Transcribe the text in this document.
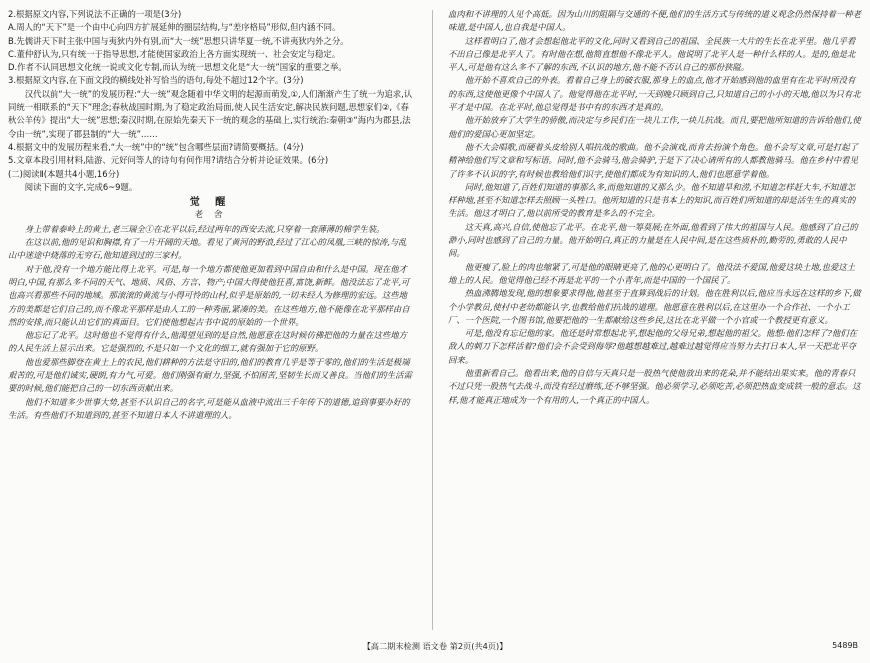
2.根据原文内容,下列说法不正确的一项是(3分)

A.周人的“天下”是一个由中心向四方扩展延伸的圈层结构,与“差序格局”形似,但内涵不同。

B.先儒讲天下时主张中国与夷狄内外有别,而“大一统”思想只讲华夏一统,不讲夷狄内外之分。

C.董仲舒认为,只有统一于指导思想,才能使国家政治上各方面实现统一、社会安定与稳定。

D.作者不认同思想文化统一说或文化专制,而认为统一思想文化是“大一统”国家的重要之举。

3.根据原文内容,在下面文段的横线处补写恰当的语句,每处不超过12个字。(3分)

汉代以前“大一统”的发展历程:“大一统”观念随着中华文明的起源而萌发,①,人们渐渐产生了统一为追求,认同统一相联系的“天下”理念;春秋战国时期,为了稳定政治局面,使人民生活安定,解决民族问题,思想家们②,《春秋公羊传》提出“大一统”思想;秦汉时期,在原始先秦天下一统的观念的基础上,实行统治:秦朝③“海内为郡县,法令由一统”,实现了郡县制的“大一统”……

4.根据文中的发展历程来看,“大一统”中的“统”包含哪些层面?请简要概括。(4分)

5.文章本段引用材料,陆游、元好问等人的诗句有何作用?请结合分析并论证效果。(6分)

(二)阅读Ⅱ(本题共4小题,16分)

阅读下面的文字,完成6~9题。

觉 醒

老 舍

身上带着泰岭上的黄土,老三瑞全①在北平以后,经过两年的西安去流,只穿着一套薄薄的棉学生装。

在这以前,他的见识和胸襟,有了一片开阔的天地。看见了黄河的野浪,经过了江心的凤凰,三峡的惊涛,与乱山中迷途中烧落的无穷石,他知道到过的三家村。

对于他,没有一个地方能比得上北平。可是,每一个地方都使他更加看到中国自由和什么是中国。现在他才明白,中国,有那么多不同的天气、地质、风俗、方言、物产;中国大得使他狂喜,富饶,新鲜。他没法忘了北平,可也高兴看那些不同的地域。那滚滚的黄流与小得可怜的山村,似乎是原始的,一切未经人为修理的宏远。这些地方的美都是它们自己的,而不像北平那样是由人工的一种秀丽,紧凑的美。在这些地方,他不能像在北平那样由自然的安排,而只能认出它们的真面目。它们使他想起古书中说的原始的一个世界。

他忘记了北平。这时他也不觉得有什么,他渴望见到的是自然,他愿意在这时候仿佛把他的力量在这些地方的人民生活上显示出来。它是强烈的,不是只如一个文化的细工,就有强加于它的原野。

他也爱那些脚登在黄土上的农民,他们耕种的方法是守旧的,他们的教育几乎是等于零的,他们的生活是极端艰苦的,可是他们诚实,硬朗,有力气,可爱。他们刚强有耐力,坚强,不怕困苦,坚韧生长而又善良。当他们的生活需要的时候,他们能把自己的一切东西贡献出来。

他们不知道多少世事大势,甚至不认识自己的名字,可是能从血液中流出三千年传下的道德,追到事要办好的生活。有些他们不知道到的,甚至不知道日本人不讲道理的人。

血肉和不讲理的人见个高低。因为山川的阻隔与交通的不便,他们的生活方式与传统的道义观念仍然保持着一种老味道,是中国人,也自我是中国人。

这样看明白了,他才会想起他北平的文化,同时又看到自己的祖国、全民族一大片的生长在北平里。他几乎看不出自己像是北平人了。有时他在想,他简直想他不像北平人。他说明了北平人是一种什么样的人。是的,他是北平人,可是他有这么多不了解的东西,不认识的地方,他不能不否认自己的那份狭隘。

他开始不喜欢自己的外表。看着自己身上的破衣服,那身上的血点,他才开始感到他的血里有在北平时所没有的东西,这使他更像个中国人了。他觉得他在北平时,一天到晚只顾到自己,只知道自己的小小的天地,他以为只有北平才是中国。在北平时,他总觉得是书中有的东西才是真的。

他开始放弃了大学生的骄傲,而决定与乡民们在一块儿工作,一块儿抗战。而且,要把他所知道的告诉给他们,使他们的爱国心更加坚定。

他不大会唱歌,而硬着头皮给别人唱抗战的歌曲。他不会演戏,而肯去扮演个角色。他不会写文章,可是打起了精神给他们写文章和写标语。同时,他不会骑马,他会骑驴,于是下了决心请所有的人都教他骑马。他在乡村中看见了许多不认识的字,有时候也教给他们识字,使他们都成为有知识的人,他们也愿意学着他。

同时,他知道了,百姓们知道的事那么多,而他知道的又那么少。他不知道旱和涝,不知道怎样赶大车,不知道怎样种地,甚至不知道怎样去照顾一头牲口。他所知道的只是书本上的知识,而百姓们所知道的却是活生生的真实的生活。他这才明白了,他以前所受的教育是多么的不完全。

这天真,高兴,自信,使他忘了北平。在北平,他一筹莫展;在外面,他看到了伟大的祖国与人民。他感到了自己的渺小,同时也感到了自己的力量。他开始明白,真正的力量是在人民中间,是在这些质朴的,勤劳的,勇敢的人民中间。

他更瘦了,脸上的肉也缩紧了,可是他的眼睛更亮了,他的心更明白了。他没法不爱国,他爱这块土地,也爱这土地上的人民。他觉得他已经不再是北平的一个小青年,而是中国的一个国民了。

热血沸腾地发现,他的想象要求得他,他甚至于直算到战后的计划。他在胜利以后,他应当永远在这样的乡下,做个小学教员,使村中老幼都能认字,也教给他们抗战的道理。他愿意在胜利以后,在这里办一个合作社、一个小工厂、一个医院,一个图书馆,他要把他的一生都献给这些乡民,这比在北平做一个小官或一个教授更有意义。

可是,他没有忘记他的家。他还是时常想起北平,想起他的父母兄弟,想起他的祖父。他想:他们怎样了?他们在敌人的刺刀下怎样活着?他们会不会受到侮辱?他越想越难过,越难过越觉得应当努力去打日本人,早一天把北平夺回来。

他重新看自己。他看出来,他的自信与天真只是一股热气使他放出来的花朵,并不能结出果实来。他的青春只不过只凭一股热气去战斗,而没有经过磨练,还不够坚强。他必须学习,必须吃苦,必须把热血变成铁一般的意志。这样,他才能真正地成为一个有用的人,一个真正的中国人。

【高二期末检测 语文卷 第2页(共4页)】	5489B
